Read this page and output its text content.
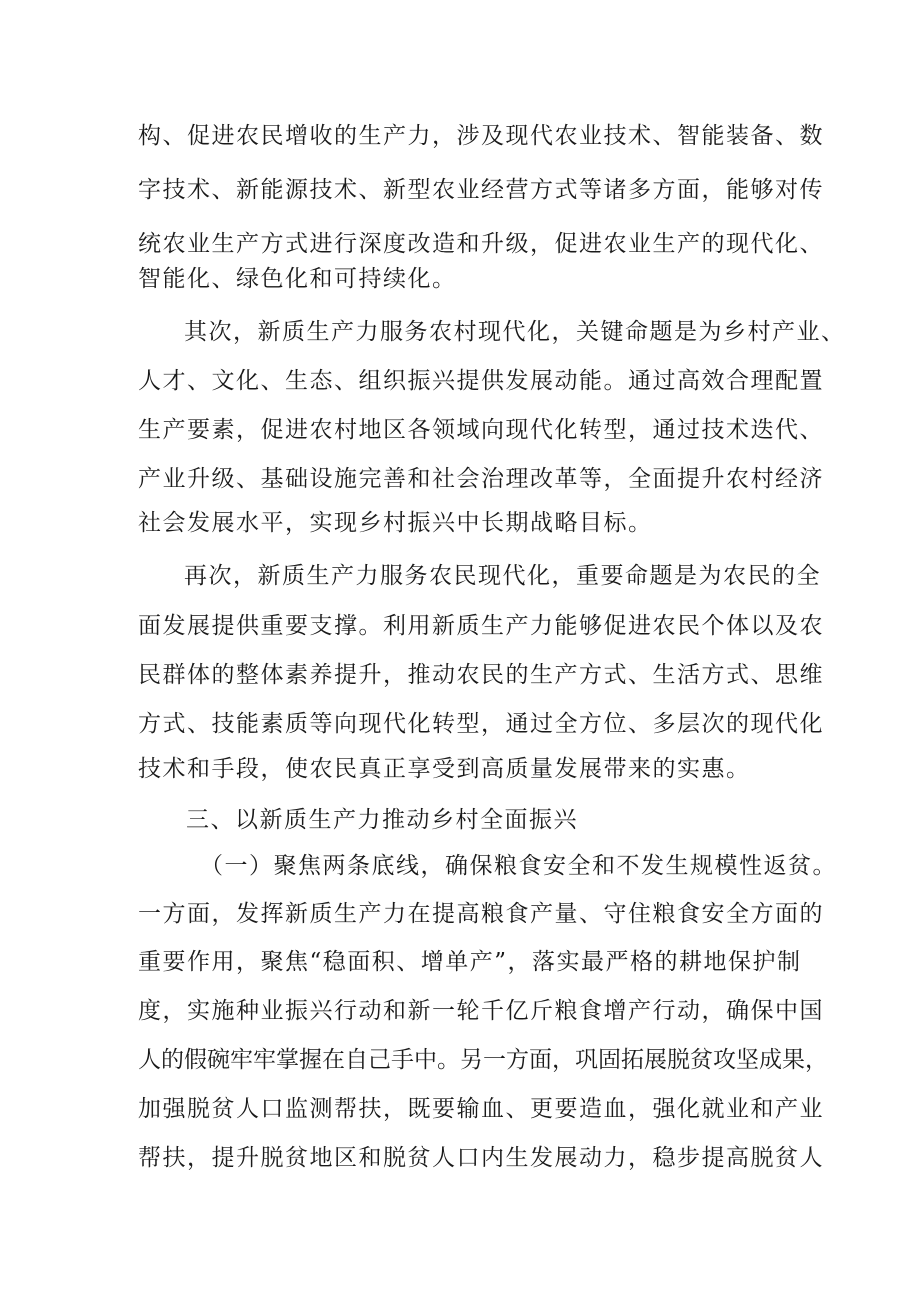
构、促进农民增收的生产力，涉及现代农业技术、智能装备、数
字技术、新能源技术、新型农业经营方式等诸多方面，能够对传
统农业生产方式进行深度改造和升级，促进农业生产的现代化、
智能化、绿色化和可持续化。
其次，新质生产力服务农村现代化，关键命题是为乡村产业、
人才、文化、生态、组织振兴提供发展动能。通过高效合理配置
生产要素，促进农村地区各领域向现代化转型，通过技术迭代、
产业升级、基础设施完善和社会治理改革等，全面提升农村经济
社会发展水平，实现乡村振兴中长期战略目标。
再次，新质生产力服务农民现代化，重要命题是为农民的全
面发展提供重要支撑。利用新质生产力能够促进农民个体以及农
民群体的整体素养提升，推动农民的生产方式、生活方式、思维
方式、技能素质等向现代化转型，通过全方位、多层次的现代化
技术和手段，使农民真正享受到高质量发展带来的实惠。
三、以新质生产力推动乡村全面振兴
（一）聚焦两条底线，确保粮食安全和不发生规模性返贫。
一方面，发挥新质生产力在提高粮食产量、守住粮食安全方面的
重要作用，聚焦“稳面积、增单产”，落实最严格的耕地保护制
度，实施种业振兴行动和新一轮千亿斤粮食增产行动，确保中国
人的假碗牢牢掌握在自己手中。另一方面，巩固拓展脱贫攻坚成果，
加强脱贫人口监测帮扶，既要输血、更要造血，强化就业和产业
帮扶，提升脱贫地区和脱贫人口内生发展动力，稳步提高脱贫人
